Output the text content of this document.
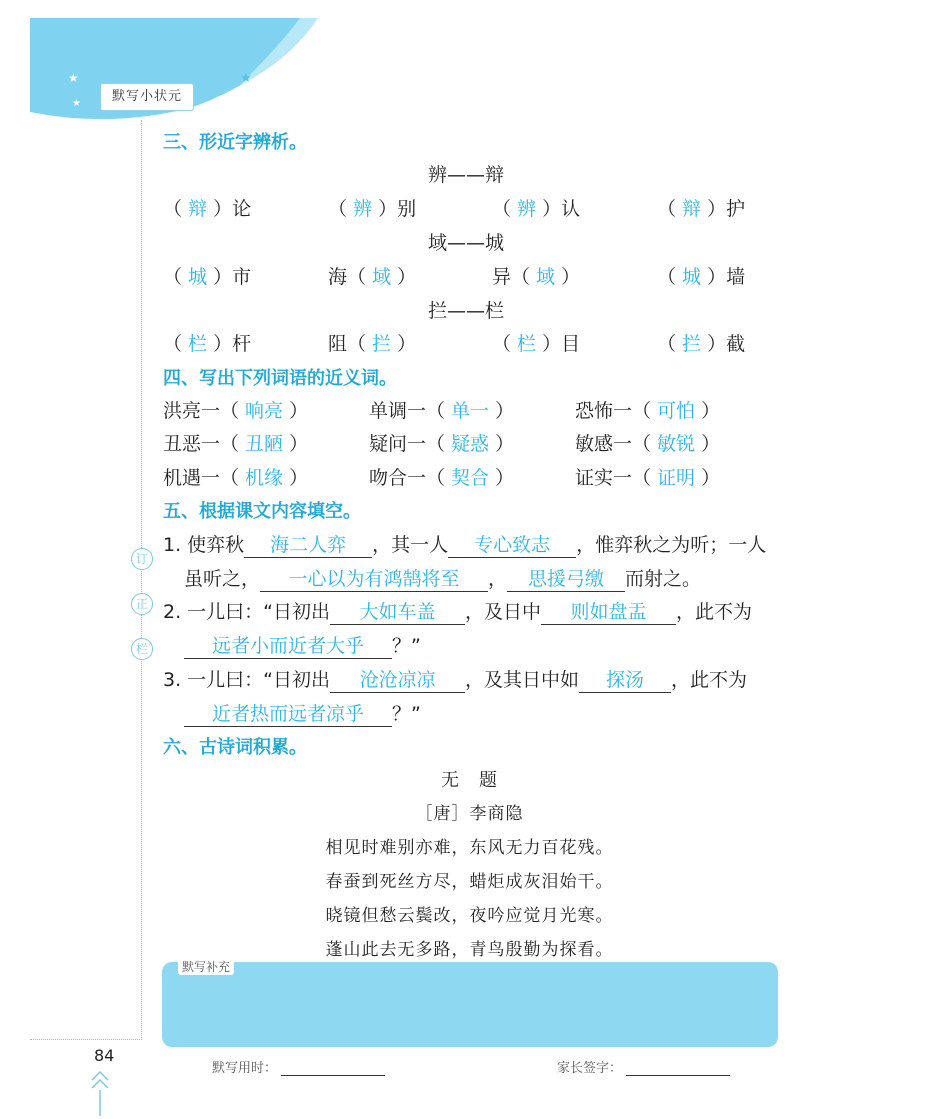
★
★
★
默写小状元
订
正
栏
三、形近字辨析。
辨——辩
（ 辩 ）论	（ 辨 ）别	（ 辨 ）认	（ 辩 ）护
域——城
（ 城 ）市	海（ 域 ）	异（ 域 ）	（ 城 ）墙
拦——栏
（ 栏 ）杆	阻（ 拦 ）	（ 栏 ）目	（ 拦 ）截
四、写出下列词语的近义词。
洪亮一（ 响亮 ）	单调一（ 单一 ）	恐怖一（ 可怕 ）
丑恶一（ 丑陋 ）	疑问一（ 疑惑 ）	敏感一（ 敏锐 ）
机遇一（ 机缘 ）	吻合一（ 契合 ）	证实一（ 证明 ）
五、根据课文内容填空。
1. 使弈秋 海二人弈 ，其一人 专心致志 ，惟弈秋之为听；一人
虽听之， 一心以为有鸿鹄将至 ， 思援弓缴 而射之。
2. 一儿曰：“日初出 大如车盖 ，及日中 则如盘盂 ，此不为
远者小而近者大乎 ？”
3. 一儿曰：“日初出 沧沧凉凉 ，及其日中如 探汤 ，此不为
近者热而远者凉乎 ？”
六、古诗词积累。
无　题
［唐］李商隐
相见时难别亦难，东风无力百花残。
春蚕到死丝方尽，蜡炬成灰泪始干。
晓镜但愁云鬓改，夜吟应觉月光寒。
蓬山此去无多路，青鸟殷勤为探看。
默写补充
84
默写用时：	家长签字：
